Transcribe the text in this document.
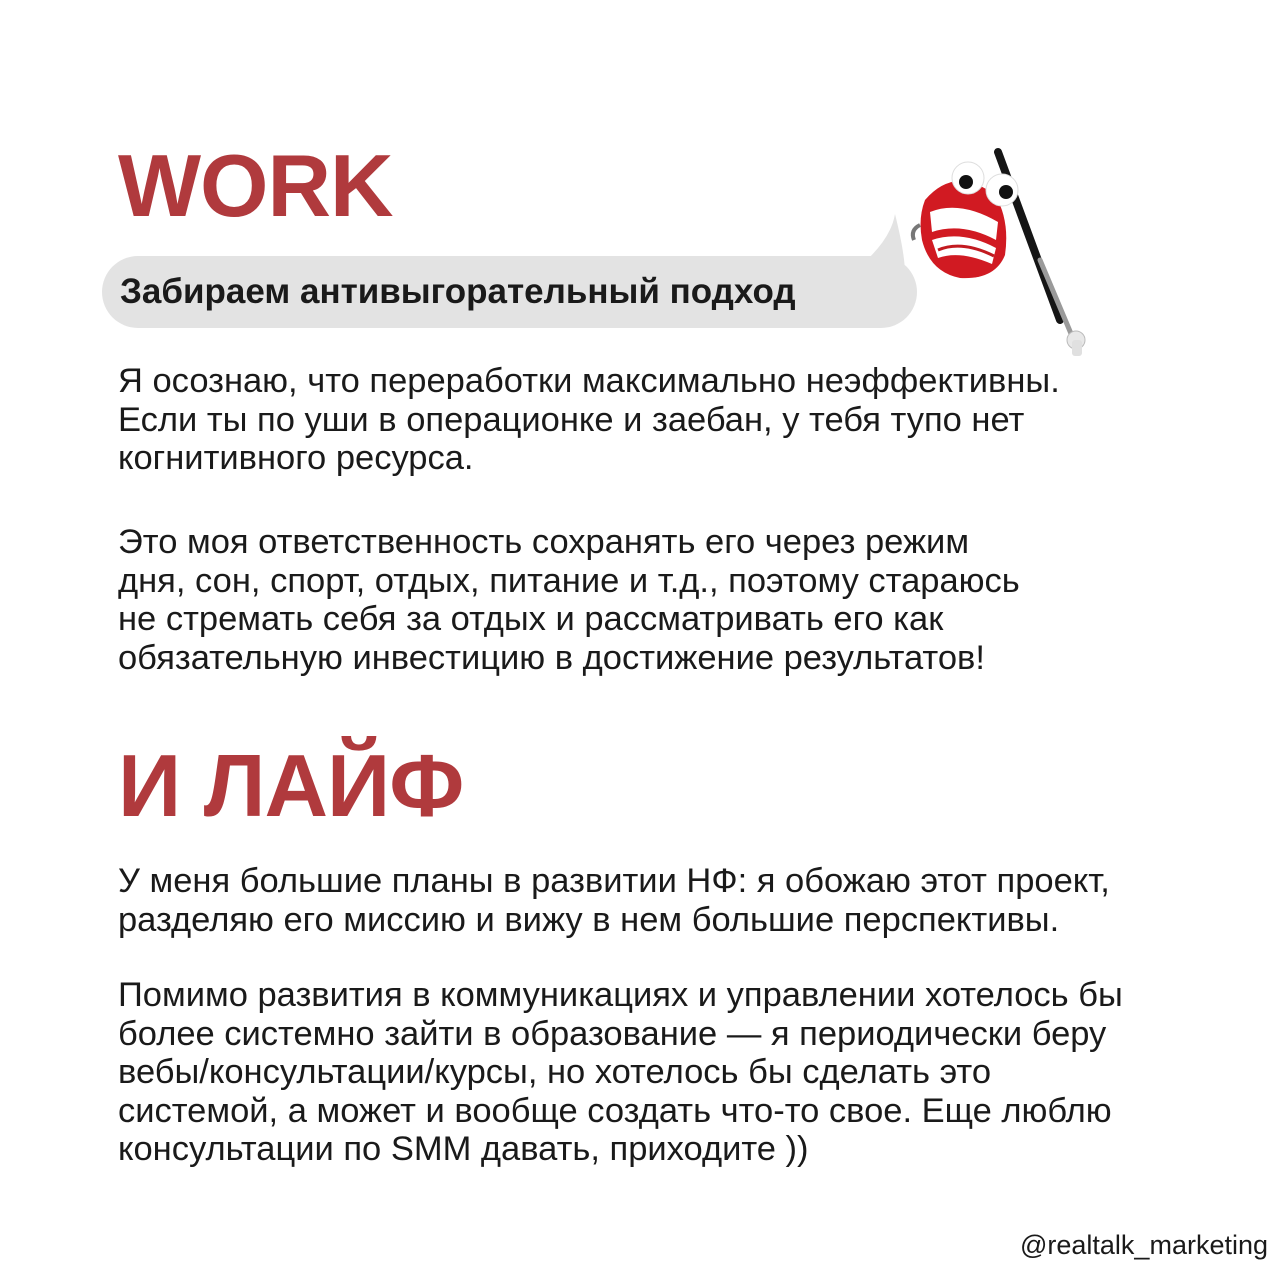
WORK
Забираем антивыгорательный подход

Я осознаю, что переработки максимально неэффективны.
Если ты по уши в операционке и заебан, у тебя тупо нет
когнитивного ресурса.

Это моя ответственность сохранять его через режим
дня, сон, спорт, отдых, питание и т.д., поэтому стараюсь
не стремать себя за отдых и рассматривать его как
обязательную инвестицию в достижение результатов!

И ЛАЙФ

У меня большие планы в развитии НФ: я обожаю этот проект,
разделяю его миссию и вижу в нем большие перспективы.

Помимо развития в коммуникациях и управлении хотелось бы
более системно зайти в образование — я периодически беру
вебы/консультации/курсы, но хотелось бы сделать это
системой, а может и вообще создать что-то свое. Еще люблю
консультации по SMM давать, приходите ))

@realtalk_marketing
